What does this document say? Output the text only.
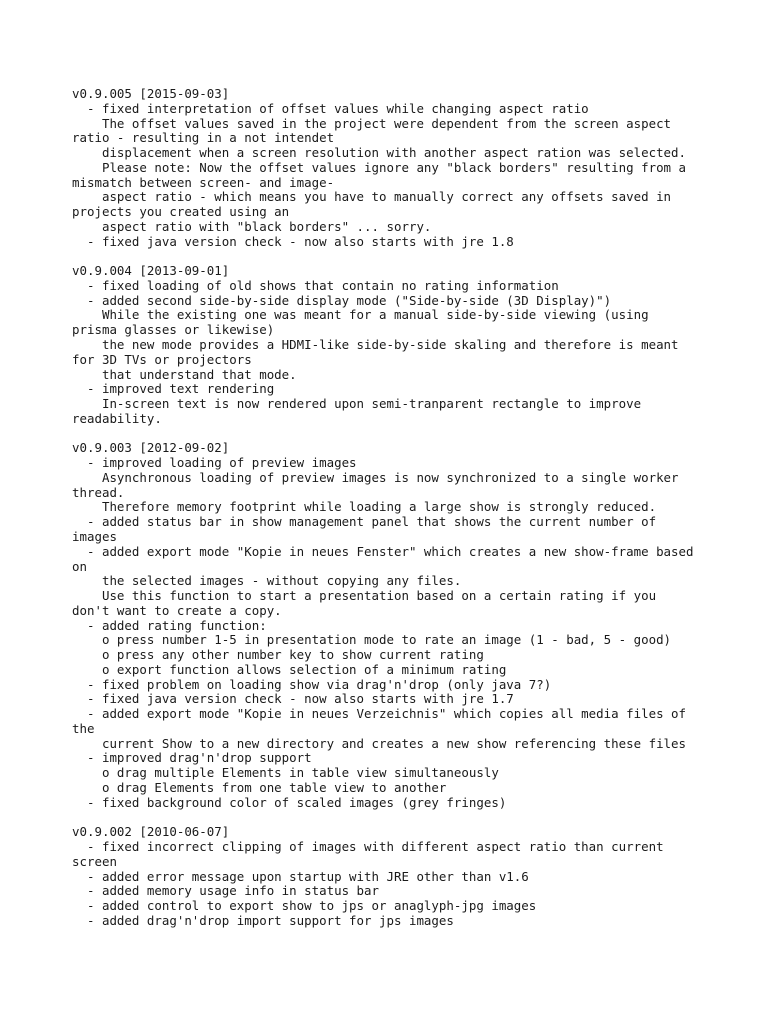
v0.9.005 [2015-09-03]
- fixed interpretation of offset values while changing aspect ratio
The offset values saved in the project were dependent from the screen aspect
ratio - resulting in a not intendet
displacement when a screen resolution with another aspect ration was selected.
Please note: Now the offset values ignore any "black borders" resulting from a
mismatch between screen- and image-
aspect ratio - which means you have to manually correct any offsets saved in
projects you created using an
aspect ratio with "black borders" ... sorry.
- fixed java version check - now also starts with jre 1.8
v0.9.004 [2013-09-01]
- fixed loading of old shows that contain no rating information
- added second side-by-side display mode ("Side-by-side (3D Display)")
While the existing one was meant for a manual side-by-side viewing (using
prisma glasses or likewise)
the new mode provides a HDMI-like side-by-side skaling and therefore is meant
for 3D TVs or projectors
that understand that mode.
- improved text rendering
In-screen text is now rendered upon semi-tranparent rectangle to improve
readability.
v0.9.003 [2012-09-02]
- improved loading of preview images
Asynchronous loading of preview images is now synchronized to a single worker
thread.
Therefore memory footprint while loading a large show is strongly reduced.
- added status bar in show management panel that shows the current number of
images
- added export mode "Kopie in neues Fenster" which creates a new show-frame based
on
the selected images - without copying any files.
Use this function to start a presentation based on a certain rating if you
don't want to create a copy.
- added rating function:
o press number 1-5 in presentation mode to rate an image (1 - bad, 5 - good)
o press any other number key to show current rating
o export function allows selection of a minimum rating
- fixed problem on loading show via drag'n'drop (only java 7?)
- fixed java version check - now also starts with jre 1.7
- added export mode "Kopie in neues Verzeichnis" which copies all media files of
the
current Show to a new directory and creates a new show referencing these files
- improved drag'n'drop support
o drag multiple Elements in table view simultaneously
o drag Elements from one table view to another
- fixed background color of scaled images (grey fringes)
v0.9.002 [2010-06-07]
- fixed incorrect clipping of images with different aspect ratio than current
screen
- added error message upon startup with JRE other than v1.6
- added memory usage info in status bar
- added control to export show to jps or anaglyph-jpg images
- added drag'n'drop import support for jps images
